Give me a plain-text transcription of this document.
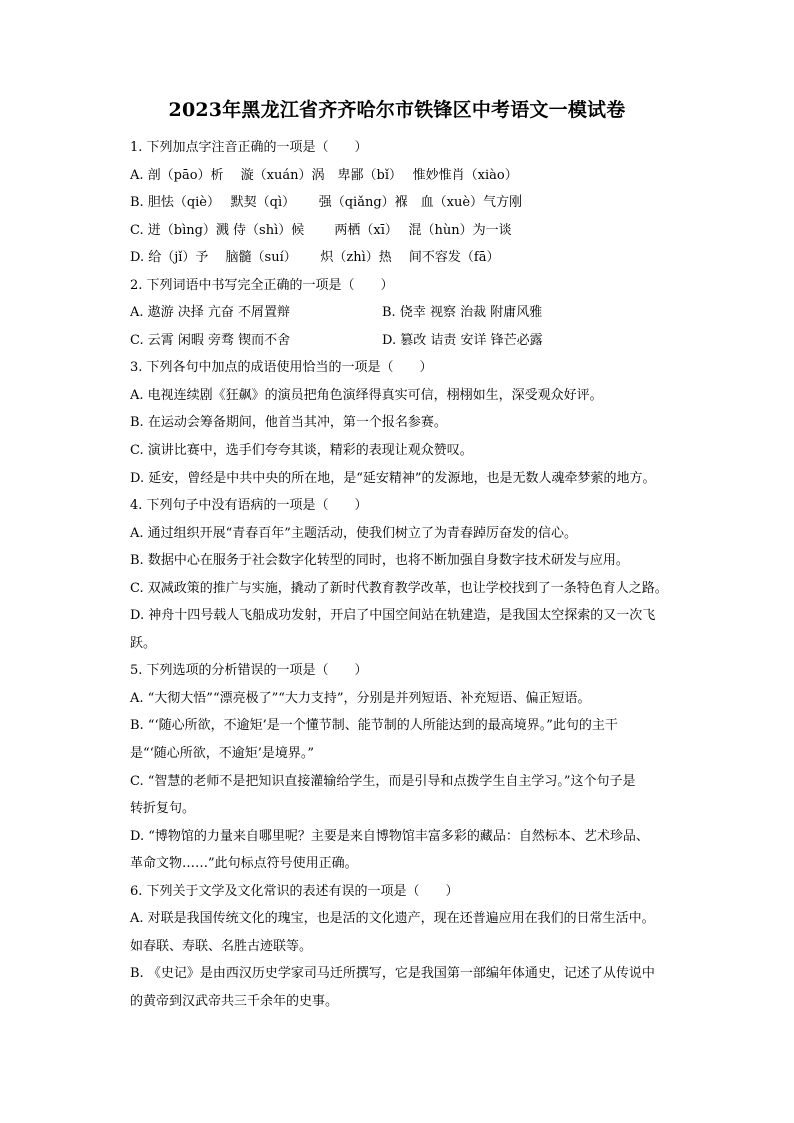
2023年黑龙江省齐齐哈尔市铁锋区中考语文一模试卷
1. 下列加点字注音正确的一项是（　　）
A. 剖（pāo）析　 漩（xuán）涡　卑鄙（bǐ）　 惟妙惟肖（xiào）
B. 胆怯（qiè）　 默契（qì）　　 强（qiǎng）褓　血（xuè）气方刚
C. 迸（bìng）溅 侍（shì）候　　 两栖（xī）　 混（hùn）为一谈
D. 给（jǐ）予　 脑髓（suí）　　 炽（zhì）热　 间不容发（fā）
2. 下列词语中书写完全正确的一项是（　　）
A. 遨游 决择 亢奋 不屑置辩	B. 侥幸 视察 治裁 附庸风雅
C. 云霄 闲暇 旁骛 锲而不舍	D. 篡改 诘责 安详 锋芒必露
3. 下列各句中加点的成语使用恰当的一项是（　　）
A. 电视连续剧《狂飙》的演员把角色演绎得真实可信，栩栩如生，深受观众好评。
B. 在运动会筹备期间，他首当其冲，第一个报名参赛。
C. 演讲比赛中，选手们夸夸其谈，精彩的表现让观众赞叹。
D. 延安，曾经是中共中央的所在地，是“延安精神”的发源地，也是无数人魂牵梦萦的地方。
4. 下列句子中没有语病的一项是（　　）
A. 通过组织开展“青春百年”主题活动，使我们树立了为青春踔厉奋发的信心。
B. 数据中心在服务于社会数字化转型的同时，也将不断加强自身数字技术研发与应用。
C. 双减政策的推广与实施，撬动了新时代教育教学改革，也让学校找到了一条特色育人之路。
D. 神舟十四号载人飞船成功发射，开启了中国空间站在轨建造，是我国太空探索的又一次飞
跃。
5. 下列选项的分析错误的一项是（　　）
A. “大彻大悟”“漂亮极了”“大力支持”，分别是并列短语、补充短语、偏正短语。
B. “‘随心所欲，不逾矩’是一个懂节制、能节制的人所能达到的最高境界。”此句的主干
是“‘随心所欲，不逾矩’是境界。”
C. “智慧的老师不是把知识直接灌输给学生，而是引导和点拨学生自主学习。”这个句子是
转折复句。
D. “博物馆的力量来自哪里呢？主要是来自博物馆丰富多彩的藏品：自然标本、艺术珍品、
革命文物……”此句标点符号使用正确。
6. 下列关于文学及文化常识的表述有误的一项是（　　）
A. 对联是我国传统文化的瑰宝，也是活的文化遗产，现在还普遍应用在我们的日常生活中。
如春联、寿联、名胜古迹联等。
B. 《史记》是由西汉历史学家司马迁所撰写，它是我国第一部编年体通史，记述了从传说中
的黄帝到汉武帝共三千余年的史事。
